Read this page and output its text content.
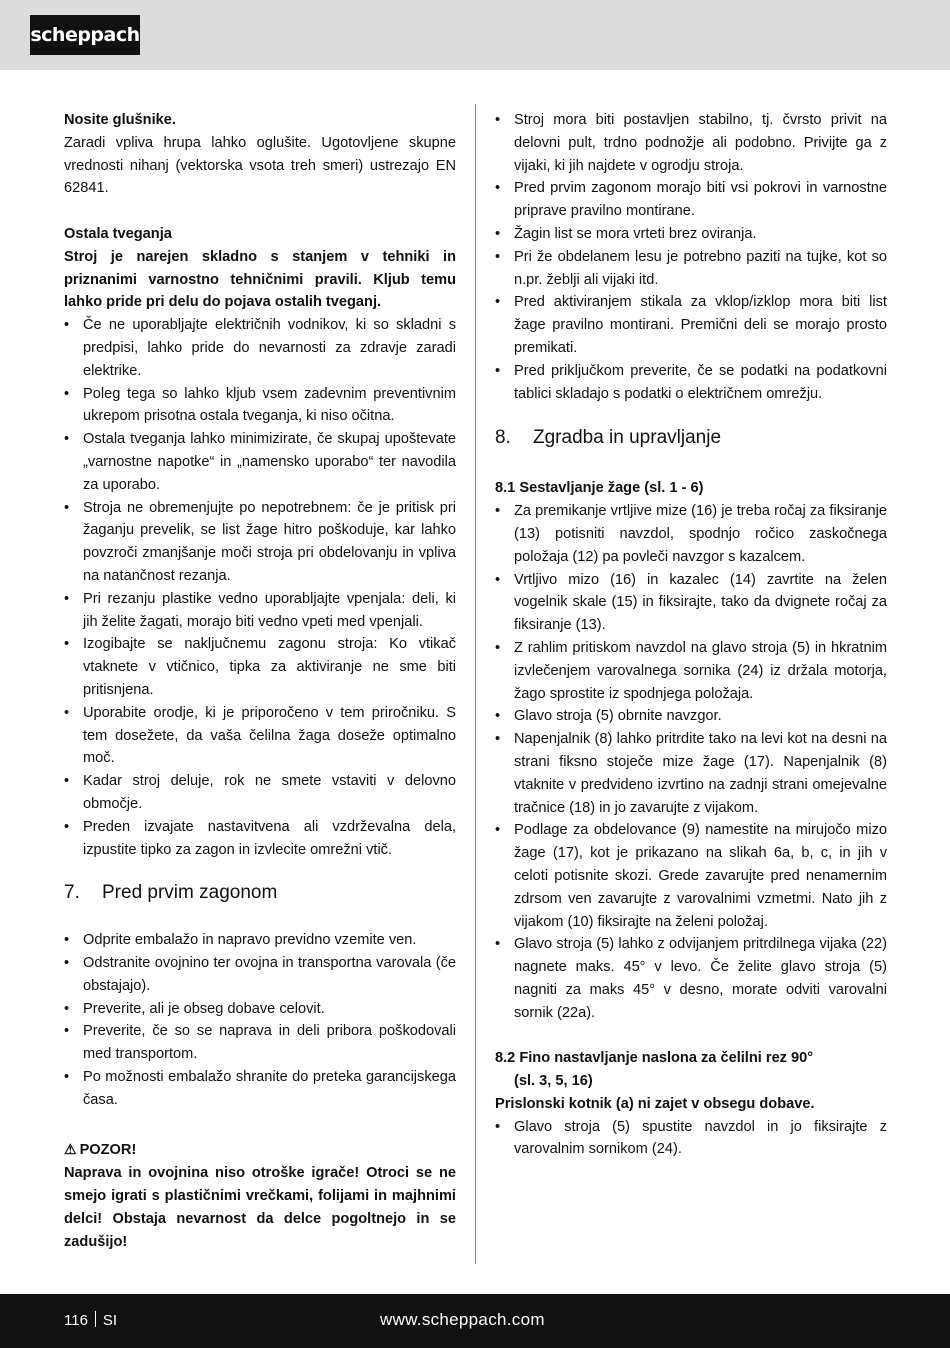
scheppach

Nosite glušnike.

Zaradi vpliva hrupa lahko oglušite. Ugotovljene skupne vrednosti nihanj (vektorska vsota treh smeri) ustrezajo EN 62841.

Ostala tveganja

Stroj je narejen skladno s stanjem v tehniki in priznanimi varnostno tehničnimi pravili. Kljub temu lahko pride pri delu do pojava ostalih tveganj.

• Če ne uporabljajte električnih vodnikov, ki so skladni s predpisi, lahko pride do nevarnosti za zdravje zaradi elektrike.
• Poleg tega so lahko kljub vsem zadevnim preventivnim ukrepom prisotna ostala tveganja, ki niso očitna.
• Ostala tveganja lahko minimizirate, če skupaj upoštevate „varnostne napotke“ in „namensko uporabo“ ter navodila za uporabo.
• Stroja ne obremenjujte po nepotrebnem: če je pritisk pri žaganju prevelik, se list žage hitro poškoduje, kar lahko povzroči zmanjšanje moči stroja pri obdelovanju in vpliva na natančnost rezanja.
• Pri rezanju plastike vedno uporabljajte vpenjala: deli, ki jih želite žagati, morajo biti vedno vpeti med vpenjali.
• Izogibajte se naključnemu zagonu stroja: Ko vtikač vtaknete v vtičnico, tipka za aktiviranje ne sme biti pritisnjena.
• Uporabite orodje, ki je priporočeno v tem priročniku. S tem dosežete, da vaša čelilna žaga doseže optimalno moč.
• Kadar stroj deluje, rok ne smete vstaviti v delovno območje.
• Preden izvajate nastavitvena ali vzdrževalna dela, izpustite tipko za zagon in izvlecite omrežni vtič.
7. Pred prvim zagonom
• Odprite embalažo in napravo previdno vzemite ven.
• Odstranite ovojnino ter ovojna in transportna varovala (če obstajajo).
• Preverite, ali je obseg dobave celovit.
• Preverite, če so se naprava in deli pribora poškodovali med transportom.
• Po možnosti embalažo shranite do preteka garancijskega časa.

⚠ POZOR!

Naprava in ovojnina niso otroške igrače! Otroci se ne smejo igrati s plastičnimi vrečkami, folijami in majhnimi delci! Obstaja nevarnost da delce pogoltnejo in se zadušijo!

• Stroj mora biti postavljen stabilno, tj. čvrsto privit na delovni pult, trdno podnožje ali podobno. Privijte ga z vijaki, ki jih najdete v ogrodju stroja.
• Pred prvim zagonom morajo biti vsi pokrovi in varnostne priprave pravilno montirane.
• Žagin list se mora vrteti brez oviranja.
• Pri že obdelanem lesu je potrebno paziti na tujke, kot so n.pr. žeblji ali vijaki itd.
• Pred aktiviranjem stikala za vklop/izklop mora biti list žage pravilno montirani. Premični deli se morajo prosto premikati.
• Pred priključkom preverite, če se podatki na podatkovni tablici skladajo s podatki o električnem omrežju.
8. Zgradba in upravljanje

8.1 Sestavljanje žage (sl. 1 - 6)

• Za premikanje vrtljive mize (16) je treba ročaj za fiksiranje (13) potisniti navzdol, spodnjo ročico zaskočnega položaja (12) pa povleči navzgor s kazalcem.
• Vrtljivo mizo (16) in kazalec (14) zavrtite na želen vogelnik skale (15) in fiksirajte, tako da dvignete ročaj za fiksiranje (13).
• Z rahlim pritiskom navzdol na glavo stroja (5) in hkratnim izvlečenjem varovalnega sornika (24) iz držala motorja, žago sprostite iz spodnjega položaja.
• Glavo stroja (5) obrnite navzgor.
• Napenjalnik (8) lahko pritrdite tako na levi kot na desni na strani fiksno stoječe mize žage (17). Napenjalnik (8) vtaknite v predvideno izvrtino na zadnji strani omejevalne tračnice (18) in jo zavarujte z vijakom.
• Podlage za obdelovance (9) namestite na mirujočo mizo žage (17), kot je prikazano na slikah 6a, b, c, in jih v celoti potisnite skozi. Grede zavarujte pred nenamernim zdrsom ven zavarujte z varovalnimi vzmetmi. Nato jih z vijakom (10) fiksirajte na želeni položaj.
• Glavo stroja (5) lahko z odvijanjem pritrdilnega vijaka (22) nagnete maks. 45° v levo. Če želite glavo stroja (5) nagniti za maks 45° v desno, morate odviti varovalni sornik (22a).

8.2 Fino nastavljanje naslona za čelilni rez 90°

(sl. 3, 5, 16)

Prislonski kotnik (a) ni zajet v obsegu dobave.

• Glavo stroja (5) spustite navzdol in jo fiksirajte z varovalnim sornikom (24).
116 SI	www.scheppach.com
